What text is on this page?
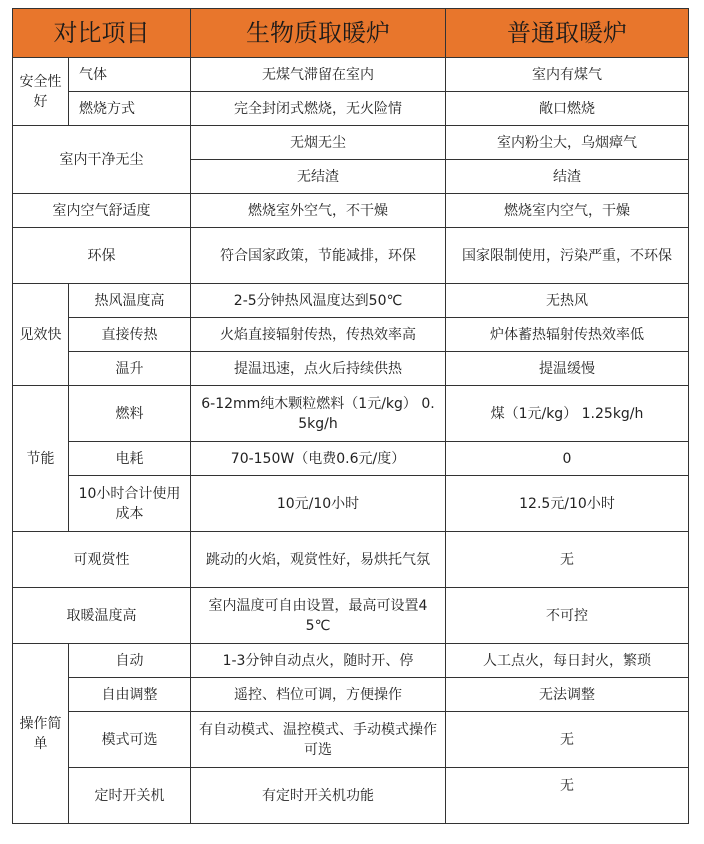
对比项目		生物质取暖炉	普通取暖炉
安全性好	气体	无煤气滞留在室内	室内有煤气
	燃烧方式	完全封闭式燃烧，无火险情	敞口燃烧
室内干净无尘		无烟无尘	室内粉尘大，乌烟瘴气
		无结渣	结渣
室内空气舒适度		燃烧室外空气，不干燥	燃烧室内空气，干燥
环保		符合国家政策，节能减排，环保	国家限制使用，污染严重，不环保
见效快	热风温度高	2-5分钟热风温度达到50℃	无热风
	直接传热	火焰直接辐射传热，传热效率高	炉体蓄热辐射传热效率低
	温升	提温迅速，点火后持续供热	提温缓慢
节能	燃料	6-12mm纯木颗粒燃料（1元/kg） 0.5kg/h	煤（1元/kg） 1.25kg/h
	电耗	70-150W（电费0.6元/度）	0
	10小时合计使用成本	10元/10小时	12.5元/10小时
可观赏性		跳动的火焰，观赏性好，易烘托气氛	无
取暖温度高		室内温度可自由设置，最高可设置45℃	不可控
操作简单	自动	1-3分钟自动点火，随时开、停	人工点火，每日封火，繁琐
	自由调整	遥控、档位可调，方便操作	无法调整
	模式可选	有自动模式、温控模式、手动模式操作可选	无
	定时开关机	有定时开关机功能	无
